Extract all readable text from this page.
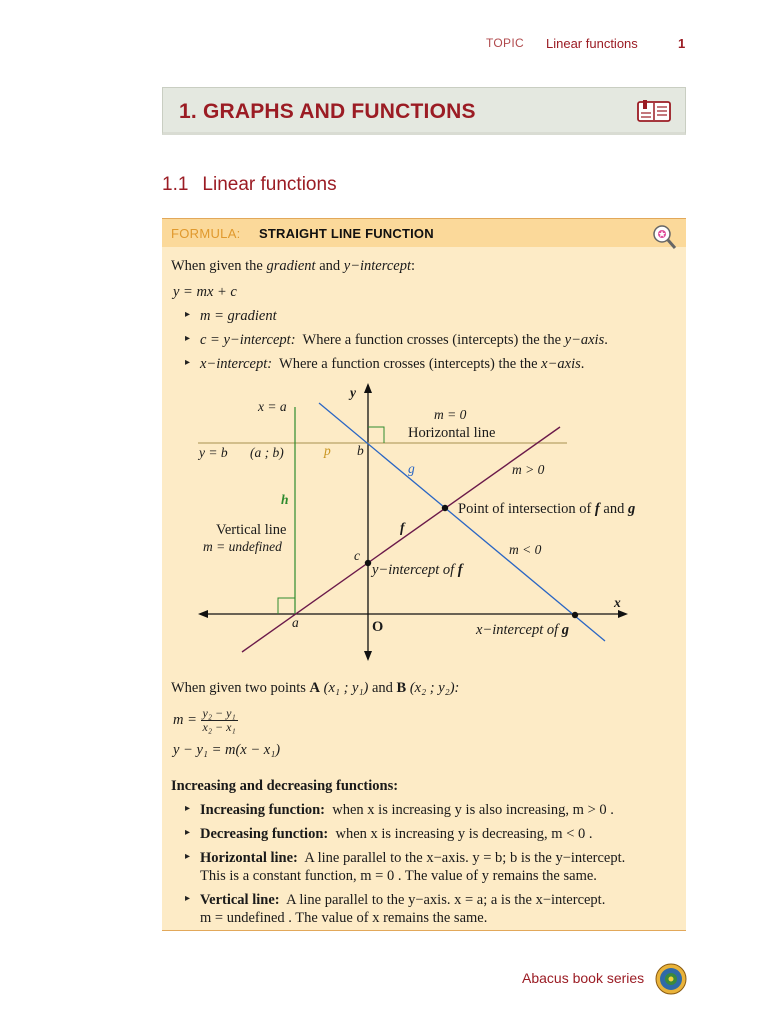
TOPIC Linear functions	1
1. GRAPHS AND FUNCTIONS
1.1 Linear functions
FORMULA: STRAIGHT LINE FUNCTION
When given the gradient and y−intercept:
y = mx + c
▸ m = gradient
▸ c = y−intercept: Where a function crosses (intercepts) the the y−axis.
▸ x−intercept: Where a function crosses (intercepts) the the x−axis.
x = a
y
m = 0
Horizontal line
y = b (a ; b)	p b
g	m > 0
h
Point of intersection of f and g
Vertical line	f
m < 0
m = undefined
c
y−intercept of f
x
a	O	x−intercept of g
When given two points A (x₁ ; y₁) and B (x₂ ; y₂):
$m = \frac{\text{y₂ − y₁}}{\text{x₂ − x₁}}$
y − y₁ = m(x − x₁)
Increasing and decreasing functions:
▸ Increasing function: when x is increasing y is also increasing, m > 0 .
▸ Decreasing function: when x is increasing y is decreasing, m < 0 .
▸ Horizontal line: A line parallel to the x−axis. y = b; b is the y−intercept.
This is a constant function, m = 0 . The value of y remains the same.
▸ Vertical line: A line parallel to the y−axis. x = a; a is the x−intercept.
m = undefined . The value of x remains the same.
Abacus book series
